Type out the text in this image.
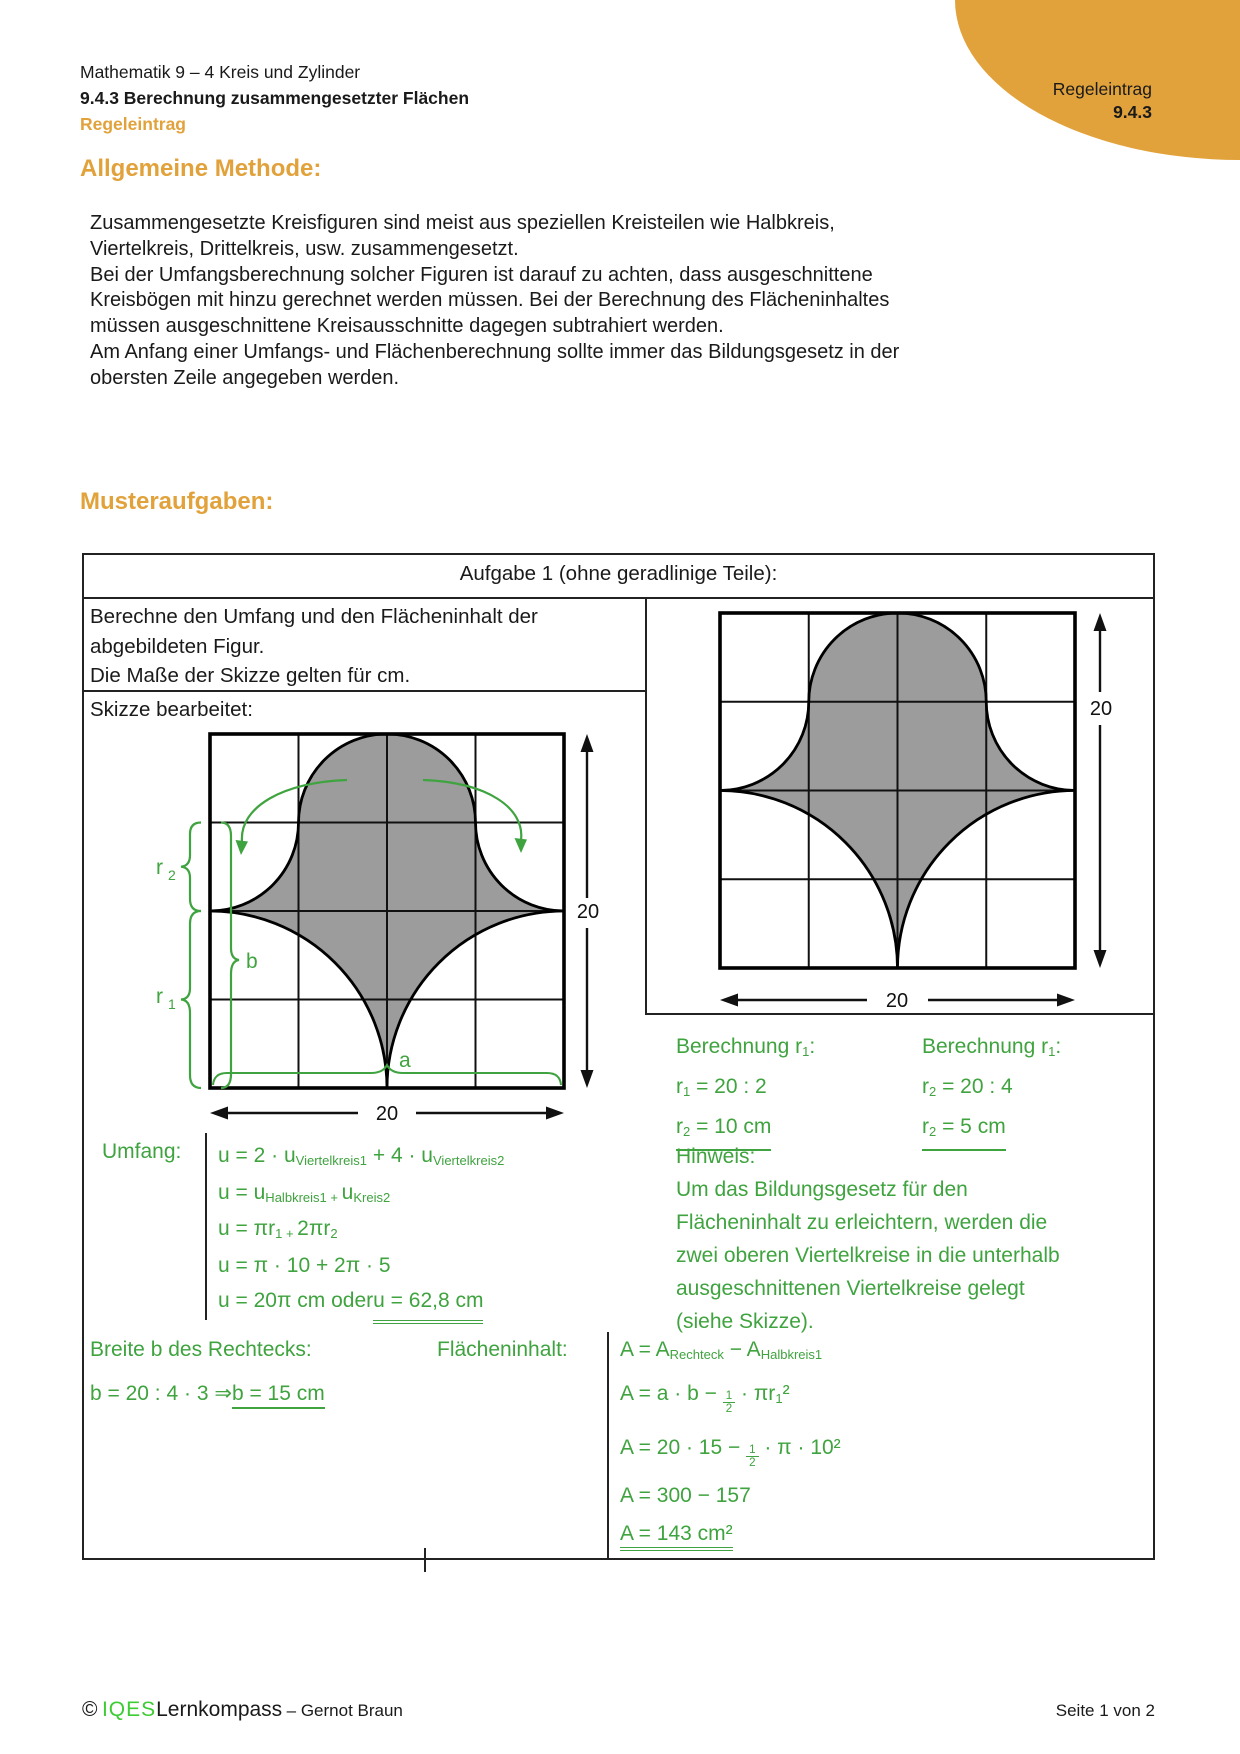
Regeleintrag
9.4.3
Mathematik 9 – 4 Kreis und Zylinder
9.4.3 Berechnung zusammengesetzter Flächen
Regeleintrag
Allgemeine Methode:
Zusammengesetzte Kreisfiguren sind meist aus speziellen Kreisteilen wie Halbkreis,
Viertelkreis, Drittelkreis, usw. zusammengesetzt.
Bei der Umfangsberechnung solcher Figuren ist darauf zu achten, dass ausgeschnittene
Kreisbögen mit hinzu gerechnet werden müssen. Bei der Berechnung des Flächeninhaltes
müssen ausgeschnittene Kreisausschnitte dagegen subtrahiert werden.
Am Anfang einer Umfangs- und Flächenberechnung sollte immer das Bildungsgesetz in der
obersten Zeile angegeben werden.
Musteraufgaben:
Aufgabe 1 (ohne geradlinige Teile):
Berechne den Umfang und den Flächeninhalt der
abgebildeten Figur.
Die Maße der Skizze gelten für cm.
Skizze bearbeitet:
20
20
r 2
r 1
b
a
20
20
Berechnung r1:
r1 = 20 : 2
r2 = 10 cm
Berechnung r1:
r2 = 20 : 4
r2 = 5 cm
Umfang: u = 2 · uViertelkreis1 + 4 · uViertelkreis2
u = uHalbkreis1 + uKreis2
u = πr1 + 2πr2
u = π · 10 + 2π · 5
u = 20π cm oderu = 62,8 cm
Hinweis:
Um das Bildungsgesetz für den
Flächeninhalt zu erleichtern, werden die
zwei oberen Viertelkreise in die unterhalb
ausgeschnittenen Viertelkreise gelegt
(siehe Skizze).
Breite b des Rechtecks:
b = 20 : 4 · 3 ⇒b = 15 cm
Flächeninhalt: A = ARechteck − AHalbkreis1
$A = a \cdot b - \frac{1}{2} \cdot \pi r1^2$
$A = 20 \cdot 15 - \frac{1}{2} \cdot \pi \cdot 10^2$
A = 300 − 157
A = 143 cm²
© IQESLernkompass – Gernot Braun	Seite 1 von 2
